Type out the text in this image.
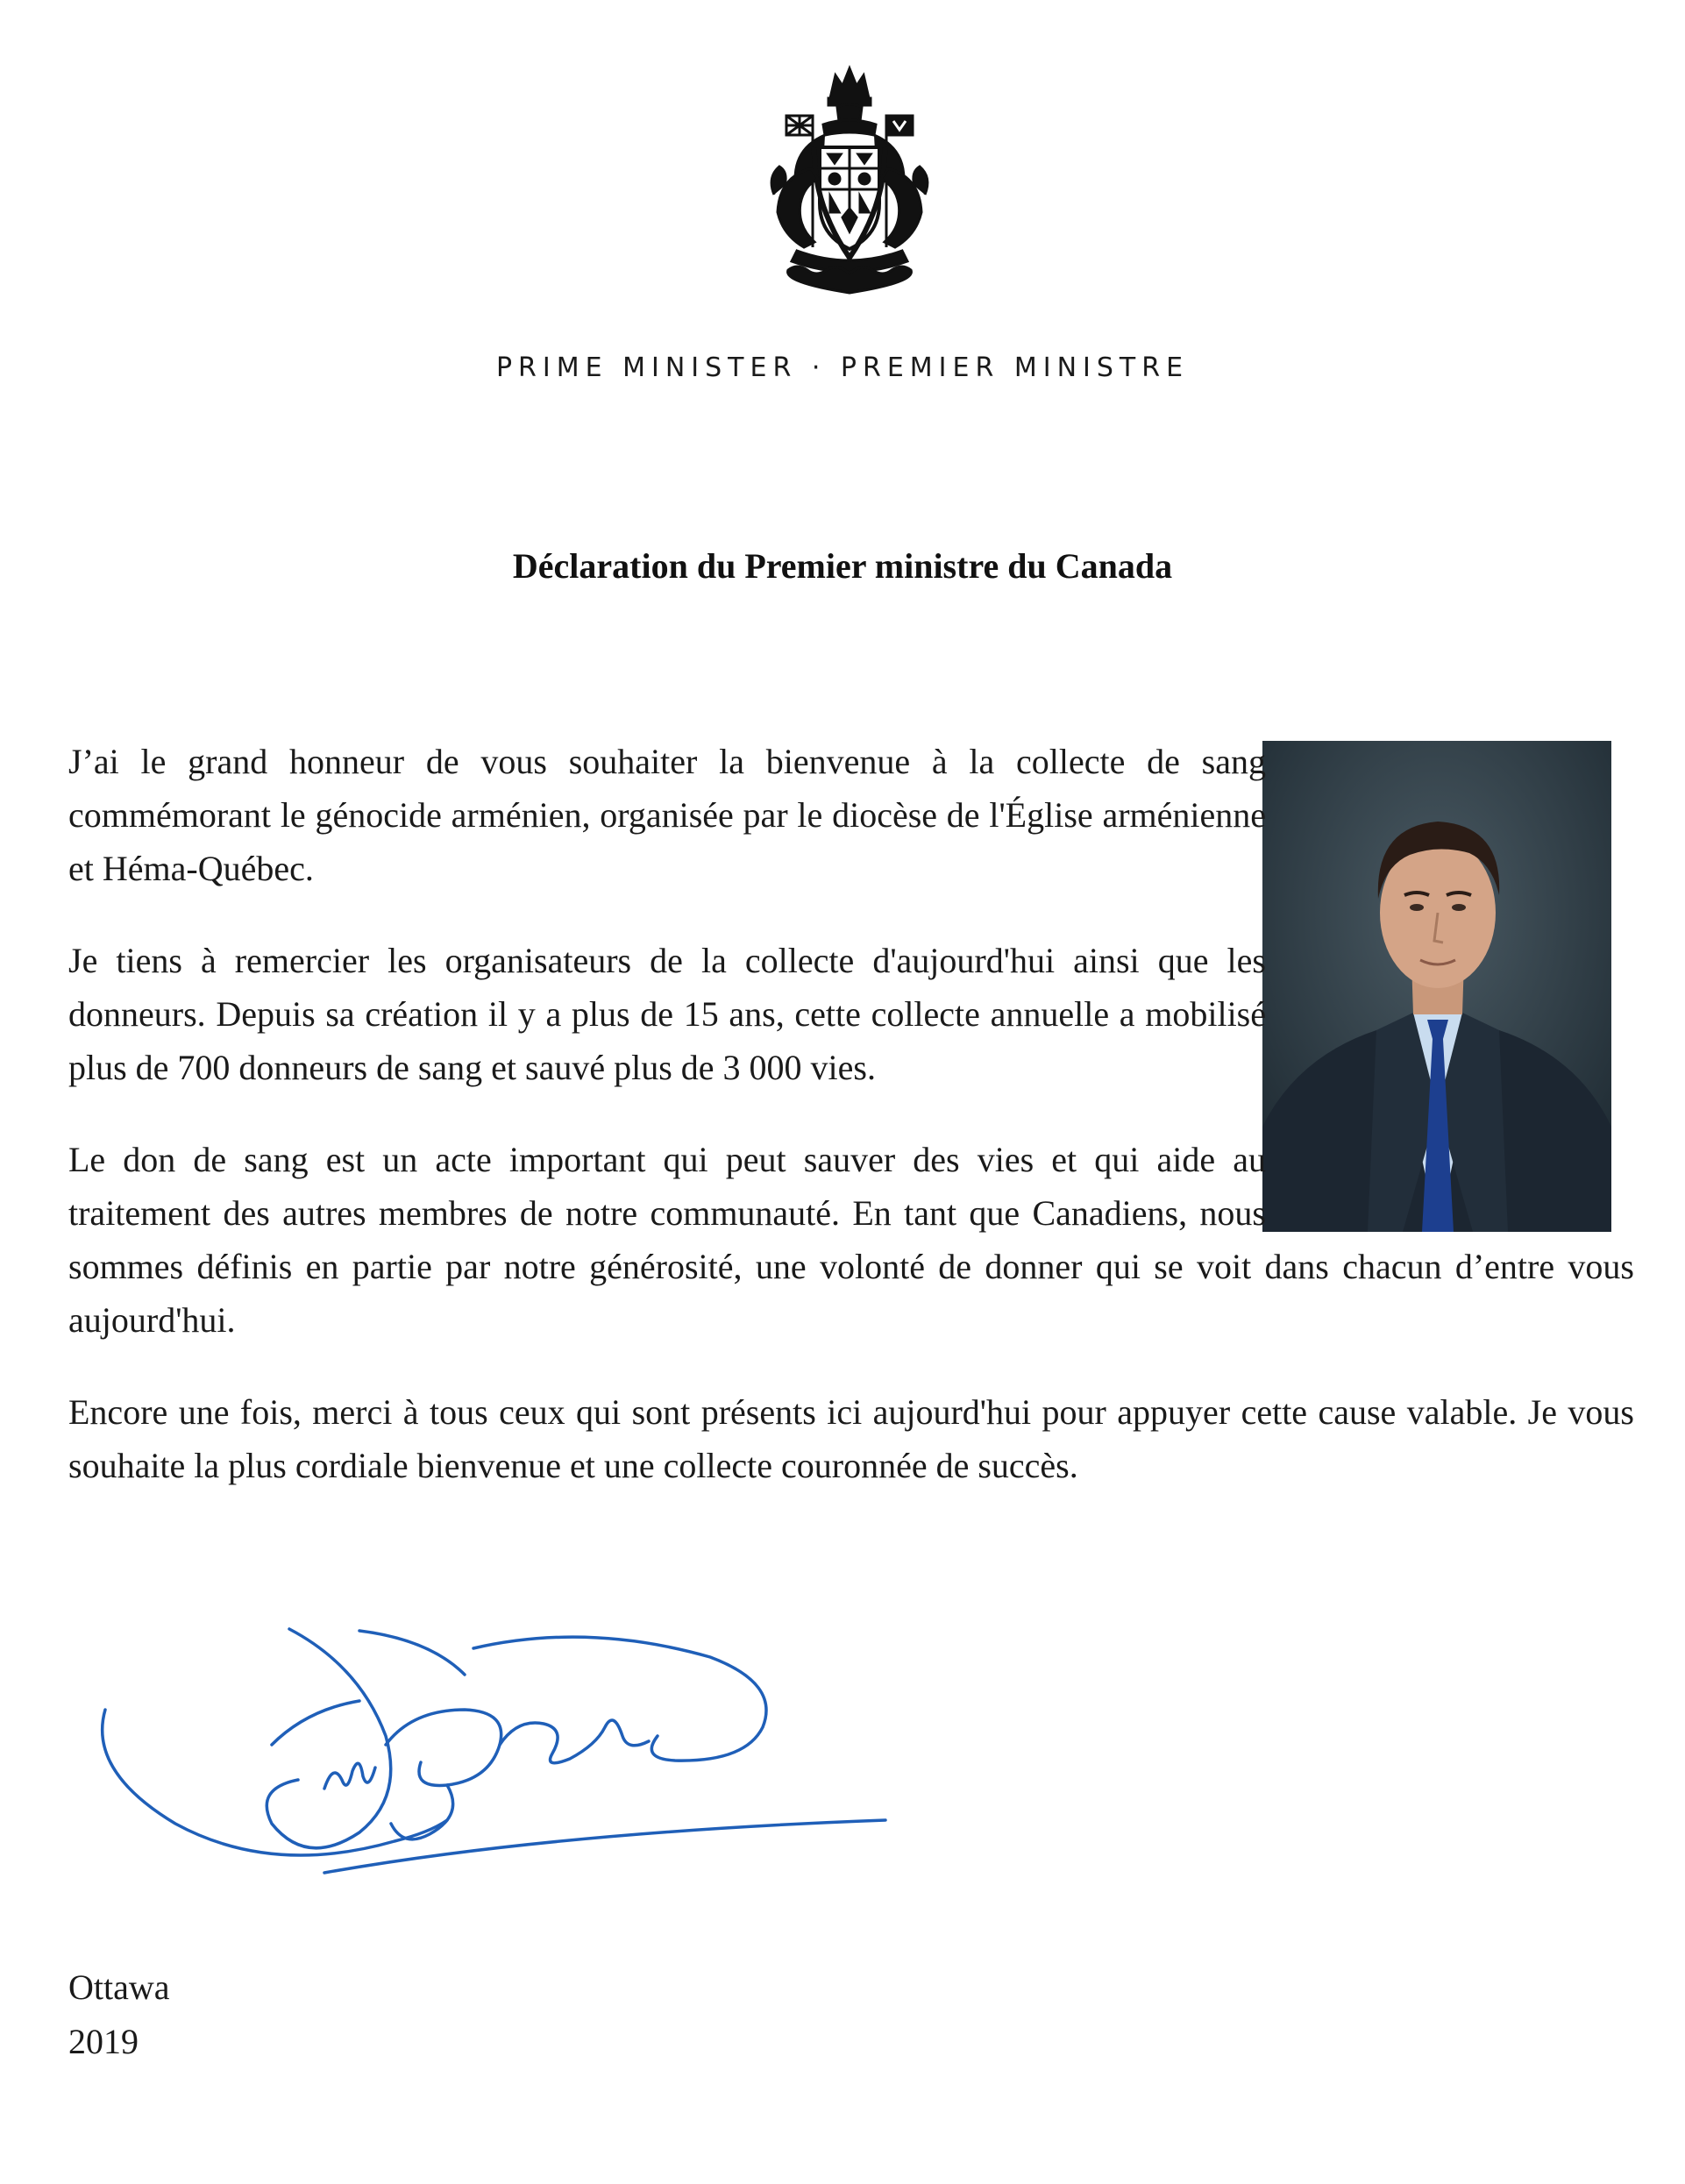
PRIME MINISTER · PREMIER MINISTRE
Déclaration du Premier ministre du Canada

J’ai le grand honneur de vous souhaiter la bienvenue à la collecte de sang commémorant le génocide arménien, organisée par le diocèse de l'Église arménienne et Héma-Québec.

Je tiens à remercier les organisateurs de la collecte d'aujourd'hui ainsi que les donneurs. Depuis sa création il y a plus de 15 ans, cette collecte annuelle a mobilisé plus de 700 donneurs de sang et sauvé plus de 3 000 vies.

Le don de sang est un acte important qui peut sauver des vies et qui aide au traitement des autres membres de notre communauté. En tant que Canadiens, nous sommes définis en partie par notre générosité, une volonté de donner qui se voit dans chacun d’entre vous aujourd'hui.

Encore une fois, merci à tous ceux qui sont présents ici aujourd'hui pour appuyer cette cause valable. Je vous souhaite la plus cordiale bienvenue et une collecte couronnée de succès.

Ottawa
2019
